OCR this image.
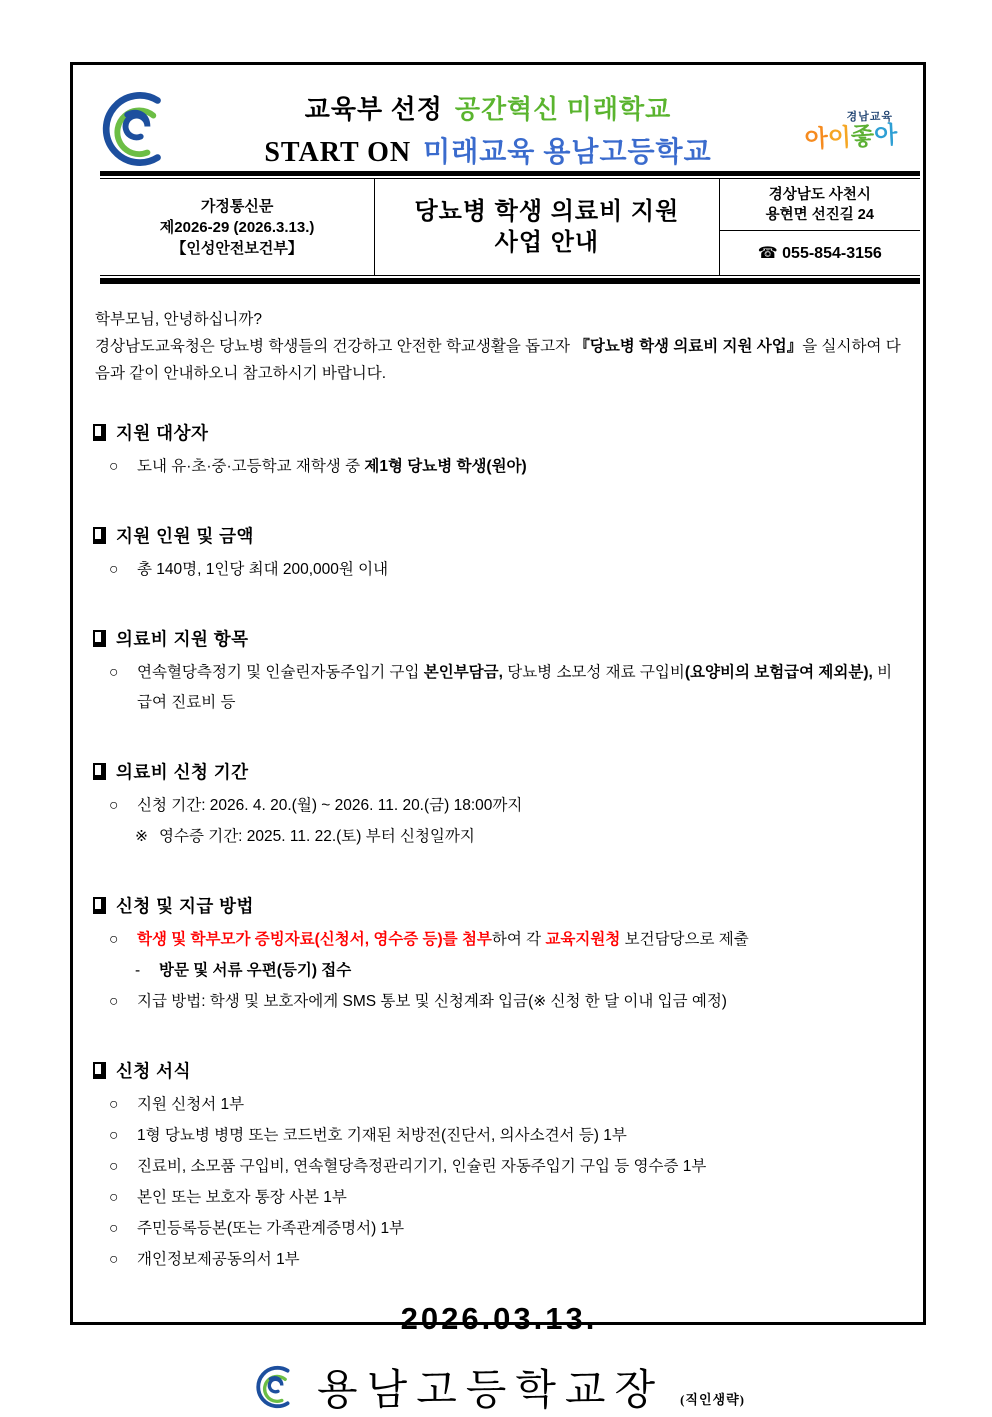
교육부 선정 공간혁신 미래학교
START ON 미래교육 용남고등학교
경남교육
아이좋아
가정통신문
제2026-29 (2026.3.13.)
【인성안전보건부】

당뇨병 학생 의료비 지원
사업 안내

경상남도 사천시
용현면 선진길 24

☎ 055-854-3156

학부모님, 안녕하십니까?

경상남도교육청은 당뇨병 학생들의 건강하고 안전한 학교생활을 돕고자 『당뇨병 학생 의료비 지원 사업』을 실시하여 다음과 같이 안내하오니 참고하시기 바랍니다.

지원 대상자
○ 도내 유·초·중·고등학교 재학생 중 제1형 당뇨병 학생(원아)
지원 인원 및 금액
○ 총 140명, 1인당 최대 200,000원 이내
의료비 지원 항목
○ 연속혈당측정기 및 인슐린자동주입기 구입 본인부담금, 당뇨병 소모성 재료 구입비(요양비의 보험급여 제외분), 비급여 진료비 등
의료비 신청 기간
○ 신청 기간: 2026. 4. 20.(월) ~ 2026. 11. 20.(금) 18:00까지
※ 영수증 기간: 2025. 11. 22.(토) 부터 신청일까지
신청 및 지급 방법
○ 학생 및 학부모가 증빙자료(신청서, 영수증 등)를 첨부하여 각 교육지원청 보건담당으로 제출
- 방문 및 서류 우편(등기) 접수
○ 지급 방법: 학생 및 보호자에게 SMS 통보 및 신청계좌 입금(※ 신청 한 달 이내 입금 예정)
신청 서식
○ 지원 신청서 1부
○ 1형 당뇨병 병명 또는 코드번호 기재된 처방전(진단서, 의사소견서 등) 1부
○ 진료비, 소모품 구입비, 연속혈당측정관리기기, 인슐린 자동주입기 구입 등 영수증 1부
○ 본인 또는 보호자 통장 사본 1부
○ 주민등록등본(또는 가족관계증명서) 1부
○ 개인정보제공동의서 1부
2026.03.13.
용남고등학교장 (직인생략)
